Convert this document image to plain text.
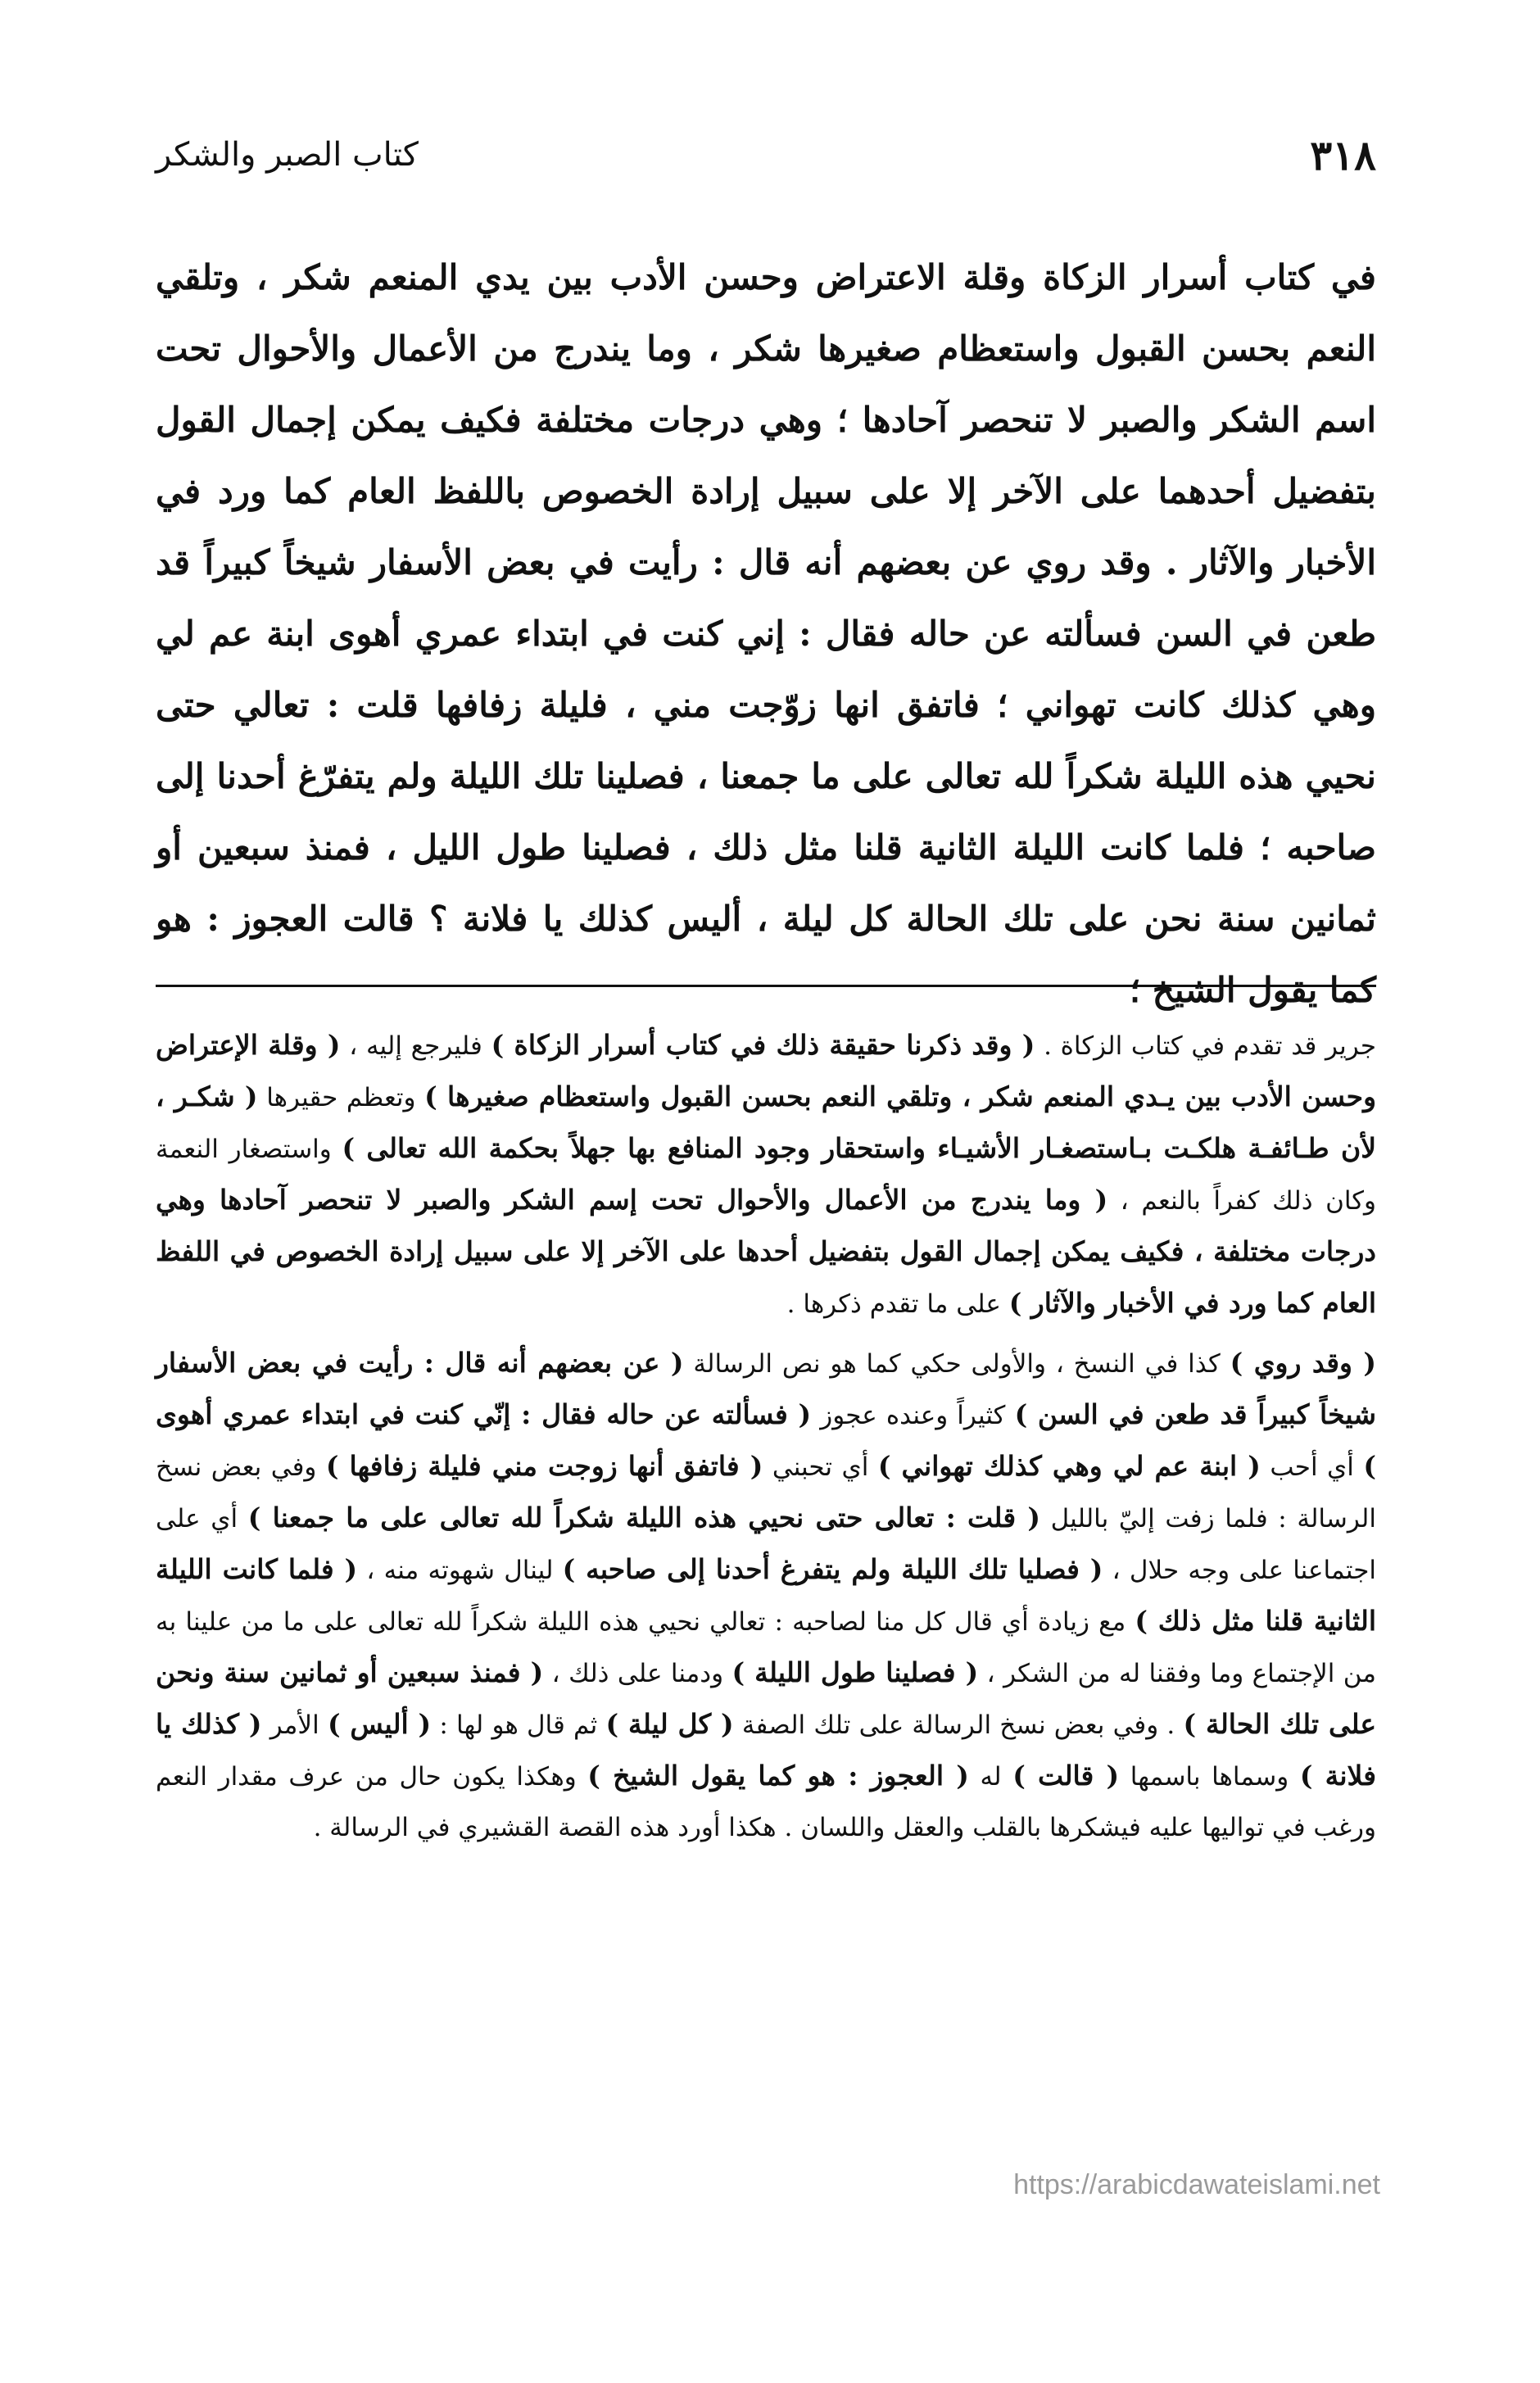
٣١٨
كتاب الصبر والشكر

في كتاب أسرار الزكاة وقلة الاعتراض وحسن الأدب بين يدي المنعم شكر ، وتلقي النعم بحسن القبول واستعظام صغيرها شكر ، وما يندرج من الأعمال والأحوال تحت اسم الشكر والصبر لا تنحصر آحادها ؛ وهي درجات مختلفة فكيف يمكن إجمال القول بتفضيل أحدهما على الآخر إلا على سبيل إرادة الخصوص باللفظ العام كما ورد في الأخبار والآثار . وقد روي عن بعضهم أنه قال : رأيت في بعض الأسفار شيخاً كبيراً قد طعن في السن فسألته عن حاله فقال : إني كنت في ابتداء عمري أهوى ابنة عم لي وهي كذلك كانت تهواني ؛ فاتفق انها زوّجت مني ، فليلة زفافها قلت : تعالي حتى نحيي هذه الليلة شكراً لله تعالى على ما جمعنا ، فصلينا تلك الليلة ولم يتفرّغ أحدنا إلى صاحبه ؛ فلما كانت الليلة الثانية قلنا مثل ذلك ، فصلينا طول الليل ، فمنذ سبعين أو ثمانين سنة نحن على تلك الحالة كل ليلة ، أليس كذلك يا فلانة ؟ قالت العجوز : هو كما يقول الشيخ ؛

جرير قد تقدم في كتاب الزكاة . ( وقد ذكرنا حقيقة ذلك في كتاب أسرار الزكاة ) فليرجع إليه ، ( وقلة الإعتراض وحسن الأدب بين يـدي المنعم شكر ، وتلقي النعم بحسن القبول واستعظام صغيرها ) وتعظم حقيرها ( شكـر ، لأن طـائفـة هلكـت بـاستصغـار الأشيـاء واستحقار وجود المنافع بها جهلاً بحكمة الله تعالى ) واستصغار النعمة وكان ذلك كفراً بالنعم ، ( وما يندرج من الأعمال والأحوال تحت إسم الشكر والصبر لا تنحصر آحادها وهي درجات مختلفة ، فكيف يمكن إجمال القول بتفضيل أحدها على الآخر إلا على سبيل إرادة الخصوص في اللفظ العام كما ورد في الأخبار والآثار ) على ما تقدم ذكرها .

( وقد روي ) كذا في النسخ ، والأولى حكي كما هو نص الرسالة ( عن بعضهم أنه قال : رأيت في بعض الأسفار شيخاً كبيراً قد طعن في السن ) كثيراً وعنده عجوز ( فسألته عن حاله فقال : إنّي كنت في ابتداء عمري أهوى ) أي أحب ( ابنة عم لي وهي كذلك تهواني ) أي تحبني ( فاتفق أنها زوجت مني فليلة زفافها ) وفي بعض نسخ الرسالة : فلما زفت إليّ بالليل ( قلت : تعالى حتى نحيي هذه الليلة شكراً لله تعالى على ما جمعنا ) أي على اجتماعنا على وجه حلال ، ( فصليا تلك الليلة ولم يتفرغ أحدنا إلى صاحبه ) لينال شهوته منه ، ( فلما كانت الليلة الثانية قلنا مثل ذلك ) مع زيادة أي قال كل منا لصاحبه : تعالي نحيي هذه الليلة شكراً لله تعالى على ما من علينا به من الإجتماع وما وفقنا له من الشكر ، ( فصلينا طول الليلة ) ودمنا على ذلك ، ( فمنذ سبعين أو ثمانين سنة ونحن على تلك الحالة ) . وفي بعض نسخ الرسالة على تلك الصفة ( كل ليلة ) ثم قال هو لها : ( أليس ) الأمر ( كذلك يا فلانة ) وسماها باسمها ( قالت ) له ( العجوز : هو كما يقول الشيخ ) وهكذا يكون حال من عرف مقدار النعم ورغب في تواليها عليه فيشكرها بالقلب والعقل واللسان . هكذا أورد هذه القصة القشيري في الرسالة .

https://arabicdawateislami.net
